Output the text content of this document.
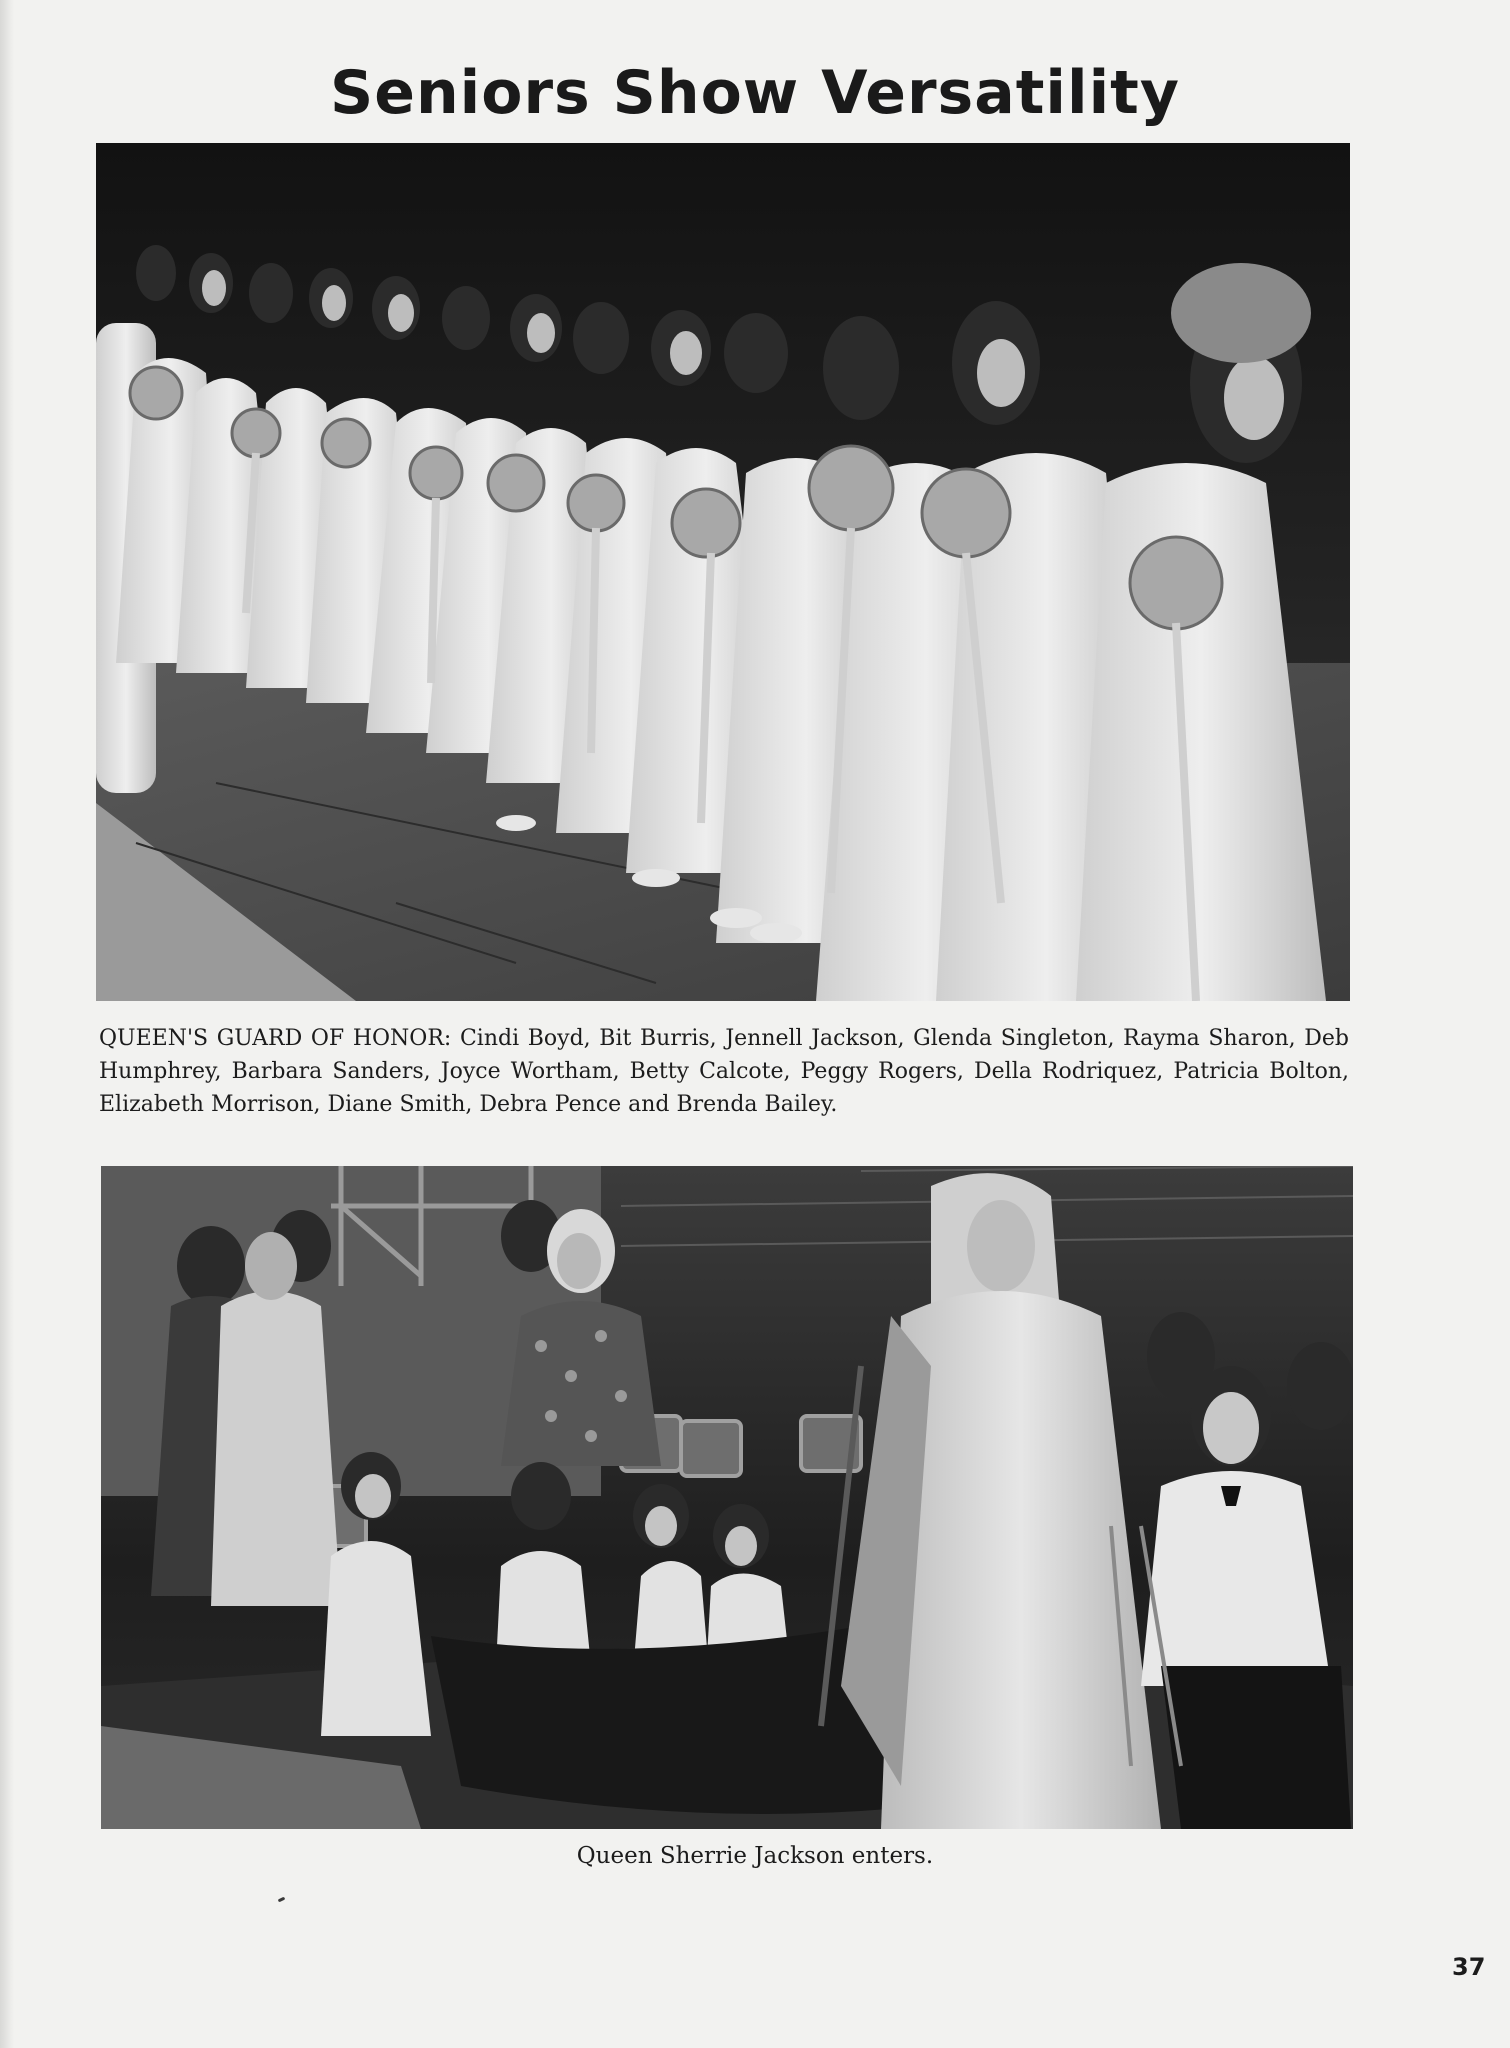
Seniors Show Versatility

QUEEN'S GUARD OF HONOR: Cindi Boyd, Bit Burris, Jennell Jackson, Glenda Singleton, Rayma Sharon, Deb Humphrey, Barbara Sanders, Joyce Wortham, Betty Calcote, Peggy Rogers, Della Rodriquez, Patricia Bolton, Elizabeth Morrison, Diane Smith, Debra Pence and Brenda Bailey.

Queen Sherrie Jackson enters.

37
